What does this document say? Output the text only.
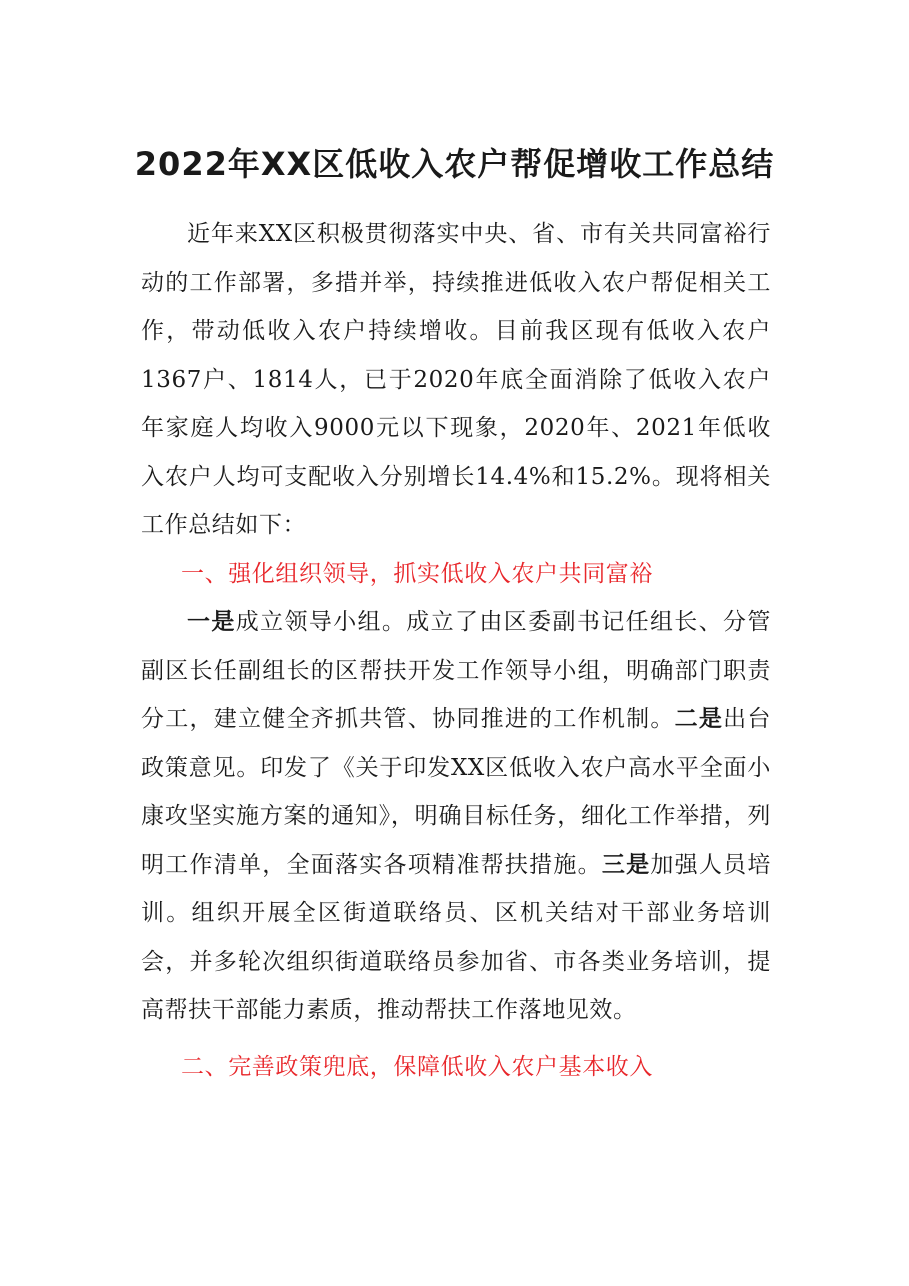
2022年XX区低收入农户帮促增收工作总结

近年来XX区积极贯彻落实中央、省、市有关共同富裕行动的工作部署，多措并举，持续推进低收入农户帮促相关工作，带动低收入农户持续增收。目前我区现有低收入农户1367户、1814人，已于2020年底全面消除了低收入农户年家庭人均收入9000元以下现象，2020年、2021年低收入农户人均可支配收入分别增长14.4%和15.2%。现将相关工作总结如下：

一、强化组织领导，抓实低收入农户共同富裕

一是成立领导小组。成立了由区委副书记任组长、分管副区长任副组长的区帮扶开发工作领导小组，明确部门职责分工，建立健全齐抓共管、协同推进的工作机制。二是出台政策意见。印发了《关于印发XX区低收入农户高水平全面小康攻坚实施方案的通知》，明确目标任务，细化工作举措，列明工作清单，全面落实各项精准帮扶措施。三是加强人员培训。组织开展全区街道联络员、区机关结对干部业务培训会，并多轮次组织街道联络员参加省、市各类业务培训，提高帮扶干部能力素质，推动帮扶工作落地见效。

二、完善政策兜底，保障低收入农户基本收入
